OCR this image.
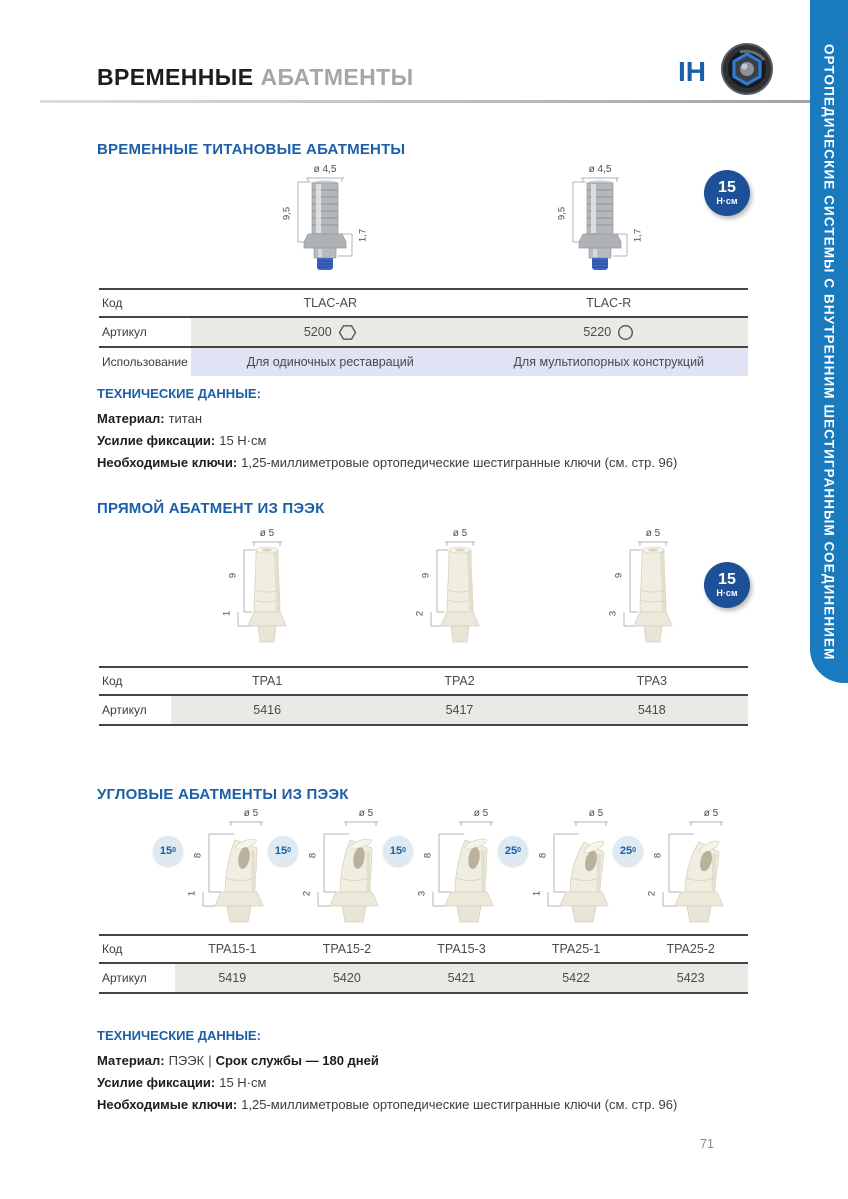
ОРТОПЕДИЧЕСКИЕ СИСТЕМЫ С ВНУТРЕННИМ ШЕСТИГРАННЫМ СОЕДИНЕНИЕМ
ВРЕМЕННЫЕ АБАТМЕНТЫ	IH
ВРЕМЕННЫЕ ТИТАНОВЫЕ АБАТМЕНТЫ
ø 4,5
9,5
1,7
ø 4,5
9,5
1,7
15
Н·см
Код	TLAC-AR	TLAC-R
Артикул	5200	5220
Использование	Для одиночных реставраций	Для мультиопорных конструкций
ТЕХНИЧЕСКИЕ ДАННЫЕ:
Материал: титан
Усилие фиксации: 15 Н·см
Необходимые ключи: 1,25-миллиметровые ортопедические шестигранные ключи (см. стр. 96)
ПРЯМОЙ АБАТМЕНТ ИЗ ПЭЭК
ø 5
9
1
ø 5
9
2
ø 5
9
3
15
Н·см
Код	TPA1	TPA2	TPA3
Артикул	5416	5417	5418
УГЛОВЫЕ АБАТМЕНТЫ ИЗ ПЭЭК
ø 5
15 0
8
1
ø 5
15 0
8
2
ø 5
15 0
8
3
ø 5
25 0
8
1
ø 5
25 0
8
2
Код	TPA15-1	TPA15-2	TPA15-3	TPA25-1	TPA25-2
Артикул	5419	5420	5421	5422	5423
ТЕХНИЧЕСКИЕ ДАННЫЕ:
Материал: ПЭЭК | Срок службы — 180 дней
Усилие фиксации: 15 Н·см
Необходимые ключи: 1,25-миллиметровые ортопедические шестигранные ключи (см. стр. 96)
71
